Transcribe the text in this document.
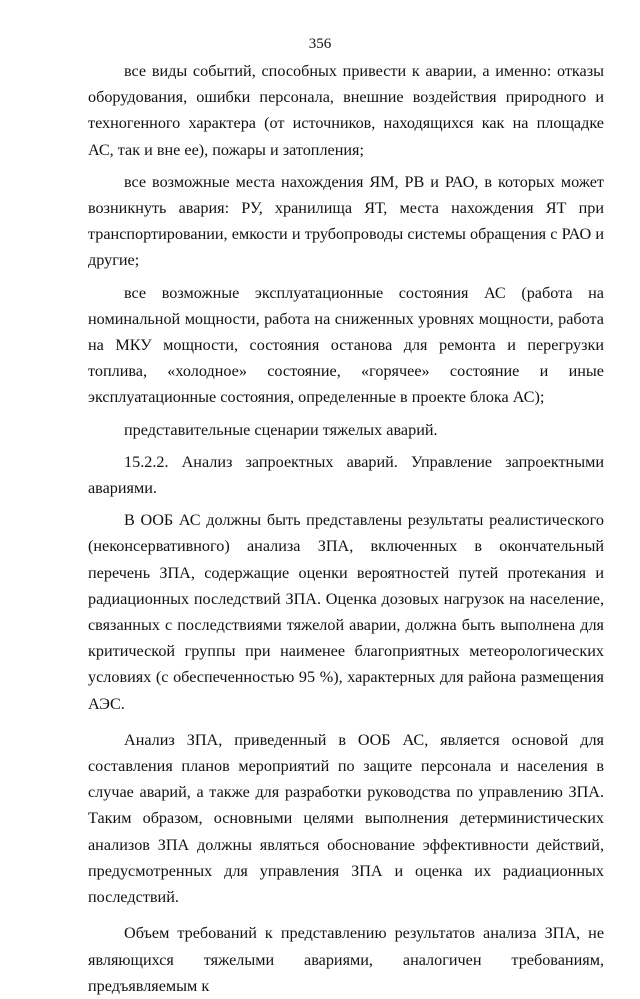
356

все виды событий, способных привести к аварии, а именно: отказы оборудования, ошибки персонала, внешние воздействия природного и техногенного характера (от источников, находящихся как на площадке АС, так и вне ее), пожары и затопления;

все возможные места нахождения ЯМ, РВ и РАО, в которых может возникнуть авария: РУ, хранилища ЯТ, места нахождения ЯТ при транспортировании, емкости и трубопроводы системы обращения с РАО и другие;

все возможные эксплуатационные состояния АС (работа на номинальной мощности, работа на сниженных уровнях мощности, работа на МКУ мощности, состояния останова для ремонта и перегрузки топлива, «холодное» состояние, «горячее» состояние и иные эксплуатационные состояния, определенные в проекте блока АС);

представительные сценарии тяжелых аварий.

15.2.2. Анализ запроектных аварий. Управление запроектными авариями.

В ООБ АС должны быть представлены результаты реалистического (неконсервативного) анализа ЗПА, включенных в окончательный перечень ЗПА, содержащие оценки вероятностей путей протекания и радиационных последствий ЗПА. Оценка дозовых нагрузок на население, связанных с последствиями тяжелой аварии, должна быть выполнена для критической группы при наименее благоприятных метеорологических условиях (с обеспеченностью 95 %), характерных для района размещения АЭС.

Анализ ЗПА, приведенный в ООБ АС, является основой для составления планов мероприятий по защите персонала и населения в случае аварий, а также для разработки руководства по управлению ЗПА. Таким образом, основными целями выполнения детерминистических анализов ЗПА должны являться обоснование эффективности действий, предусмотренных для управления ЗПА и оценка их радиационных последствий.

Объем требований к представлению результатов анализа ЗПА, не являющихся тяжелыми авариями, аналогичен требованиям, предъявляемым к
